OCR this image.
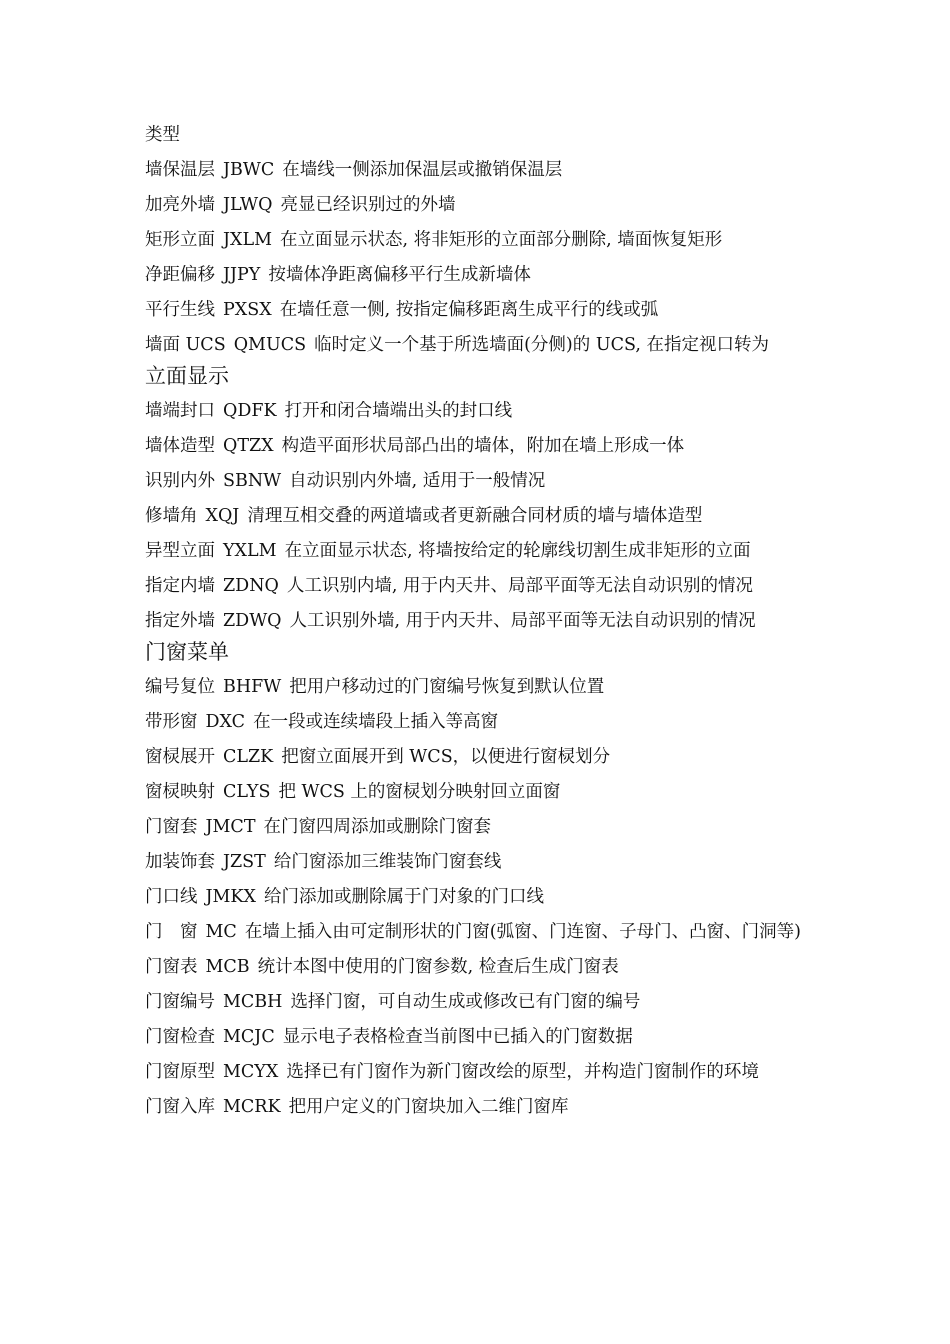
类型
墙保温层 JBWC 在墙线一侧添加保温层或撤销保温层
加亮外墙 JLWQ 亮显已经识别过的外墙
矩形立面 JXLM 在立面显示状态, 将非矩形的立面部分删除, 墙面恢复矩形
净距偏移 JJPY 按墙体净距离偏移平行生成新墙体
平行生线 PXSX 在墙任意一侧, 按指定偏移距离生成平行的线或弧
墙面 UCS QMUCS 临时定义一个基于所选墙面(分侧)的 UCS, 在指定视口转为
立面显示
墙端封口 QDFK 打开和闭合墙端出头的封口线
墙体造型 QTZX 构造平面形状局部凸出的墙体，附加在墙上形成一体
识别内外 SBNW 自动识别内外墙, 适用于一般情况
修墙角 XQJ 清理互相交叠的两道墙或者更新融合同材质的墙与墙体造型
异型立面 YXLM 在立面显示状态, 将墙按给定的轮廓线切割生成非矩形的立面
指定内墙 ZDNQ 人工识别内墙, 用于内天井、局部平面等无法自动识别的情况
指定外墙 ZDWQ 人工识别外墙, 用于内天井、局部平面等无法自动识别的情况
门窗菜单
编号复位 BHFW 把用户移动过的门窗编号恢复到默认位置
带形窗 DXC 在一段或连续墙段上插入等高窗
窗棂展开 CLZK 把窗立面展开到 WCS，以便进行窗棂划分
窗棂映射 CLYS 把 WCS 上的窗棂划分映射回立面窗
门窗套 JMCT 在门窗四周添加或删除门窗套
加装饰套 JZST 给门窗添加三维装饰门窗套线
门口线 JMKX 给门添加或删除属于门对象的门口线
门　窗 MC 在墙上插入由可定制形状的门窗(弧窗、门连窗、子母门、凸窗、门洞等)
门窗表 MCB 统计本图中使用的门窗参数, 检查后生成门窗表
门窗编号 MCBH 选择门窗，可自动生成或修改已有门窗的编号
门窗检查 MCJC 显示电子表格检查当前图中已插入的门窗数据
门窗原型 MCYX 选择已有门窗作为新门窗改绘的原型，并构造门窗制作的环境
门窗入库 MCRK 把用户定义的门窗块加入二维门窗库
